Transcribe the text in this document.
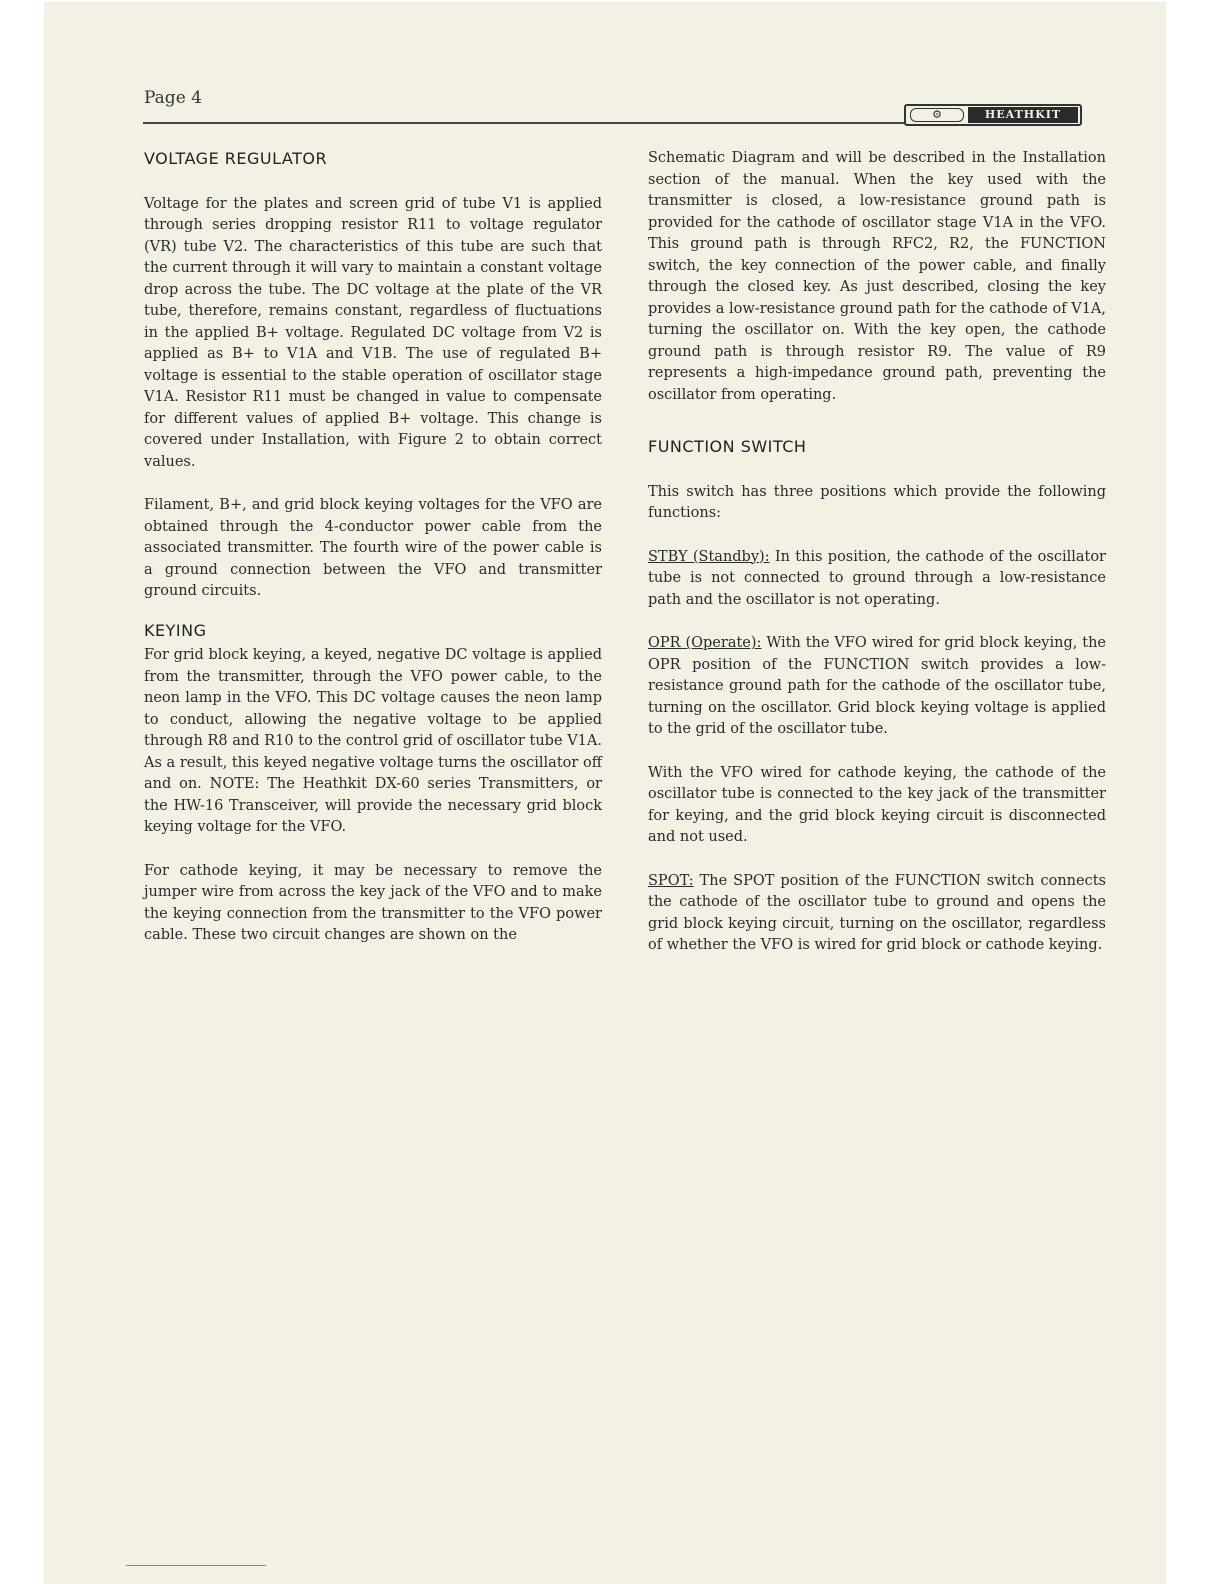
Page 4
⚙	HEATHKIT
VOLTAGE REGULATOR

Voltage for the plates and screen grid of tube V1 is applied through series dropping resistor R11 to voltage regulator (VR) tube V2. The characteristics of this tube are such that the current through it will vary to maintain a constant voltage drop across the tube. The DC voltage at the plate of the VR tube, therefore, remains constant, regardless of fluctuations in the applied B+ voltage. Regulated DC voltage from V2 is applied as B+ to V1A and V1B. The use of regulated B+ voltage is essential to the stable operation of oscillator stage V1A. Resistor R11 must be changed in value to compensate for different values of applied B+ voltage. This change is covered under Installation, with Figure 2 to obtain correct values.

Filament, B+, and grid block keying voltages for the VFO are obtained through the 4-conductor power cable from the associated transmitter. The fourth wire of the power cable is a ground connection between the VFO and transmitter ground circuits.

KEYING

For grid block keying, a keyed, negative DC voltage is applied from the transmitter, through the VFO power cable, to the neon lamp in the VFO. This DC voltage causes the neon lamp to conduct, allowing the negative voltage to be applied through R8 and R10 to the control grid of oscillator tube V1A. As a result, this keyed negative voltage turns the oscillator off and on. NOTE: The Heathkit DX-60 series Transmitters, or the HW-16 Transceiver, will provide the necessary grid block keying voltage for the VFO.

For cathode keying, it may be necessary to remove the jumper wire from across the key jack of the VFO and to make the keying connection from the transmitter to the VFO power cable. These two circuit changes are shown on the

Schematic Diagram and will be described in the Installation section of the manual. When the key used with the transmitter is closed, a low-resistance ground path is provided for the cathode of oscillator stage V1A in the VFO. This ground path is through RFC2, R2, the FUNCTION switch, the key connection of the power cable, and finally through the closed key. As just described, closing the key provides a low-resistance ground path for the cathode of V1A, turning the oscillator on. With the key open, the cathode ground path is through resistor R9. The value of R9 represents a high-impedance ground path, preventing the oscillator from operating.

FUNCTION SWITCH

This switch has three positions which provide the following functions:

STBY (Standby): In this position, the cathode of the oscillator tube is not connected to ground through a low-resistance path and the oscillator is not operating.

OPR (Operate): With the VFO wired for grid block keying, the OPR position of the FUNCTION switch provides a low-resistance ground path for the cathode of the oscillator tube, turning on the oscillator. Grid block keying voltage is applied to the grid of the oscillator tube.

With the VFO wired for cathode keying, the cathode of the oscillator tube is connected to the key jack of the transmitter for keying, and the grid block keying circuit is disconnected and not used.

SPOT: The SPOT position of the FUNCTION switch connects the cathode of the oscillator tube to ground and opens the grid block keying circuit, turning on the oscillator, regardless of whether the VFO is wired for grid block or cathode keying.
